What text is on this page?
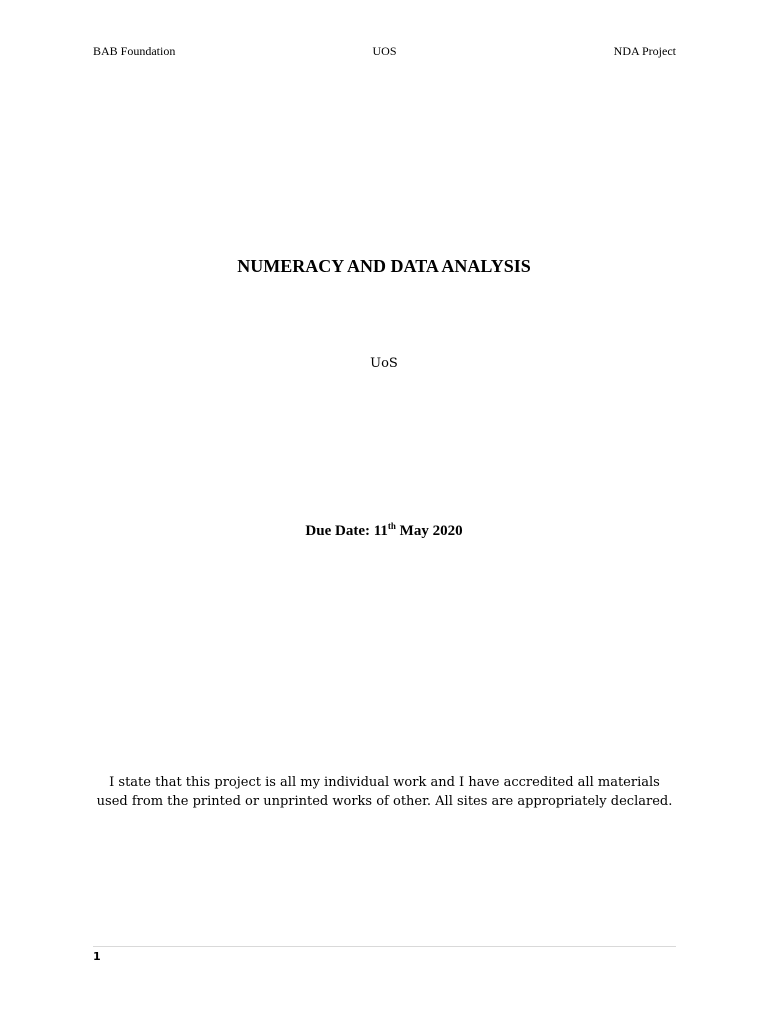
BAB Foundation	UOS	NDA Project
NUMERACY AND DATA ANALYSIS
UoS
Due Date: 11th May 2020
I state that this project is all my individual work and I have accredited all materials used from the printed or unprinted works of other. All sites are appropriately declared.
1
